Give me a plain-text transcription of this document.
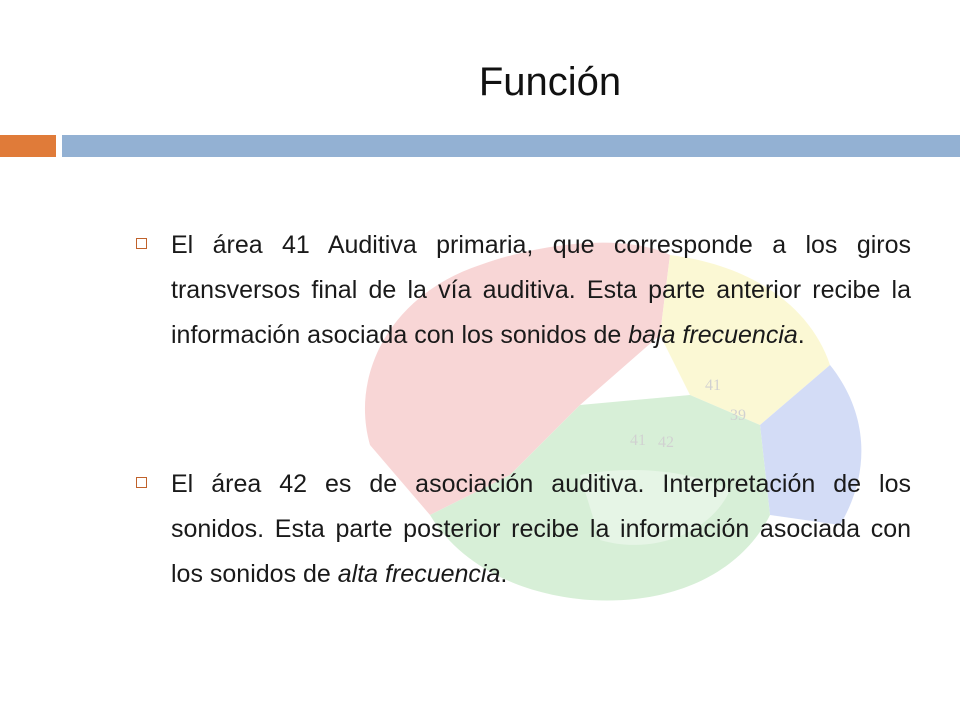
41
39
41 42
Función
El área 41 Auditiva primaria, que corresponde a los giros transversos final de la vía auditiva. Esta parte anterior recibe la información asociada con los sonidos de baja frecuencia.
El área 42 es de asociación auditiva. Interpretación de los sonidos. Esta parte posterior recibe la información asociada con los sonidos de alta frecuencia.
